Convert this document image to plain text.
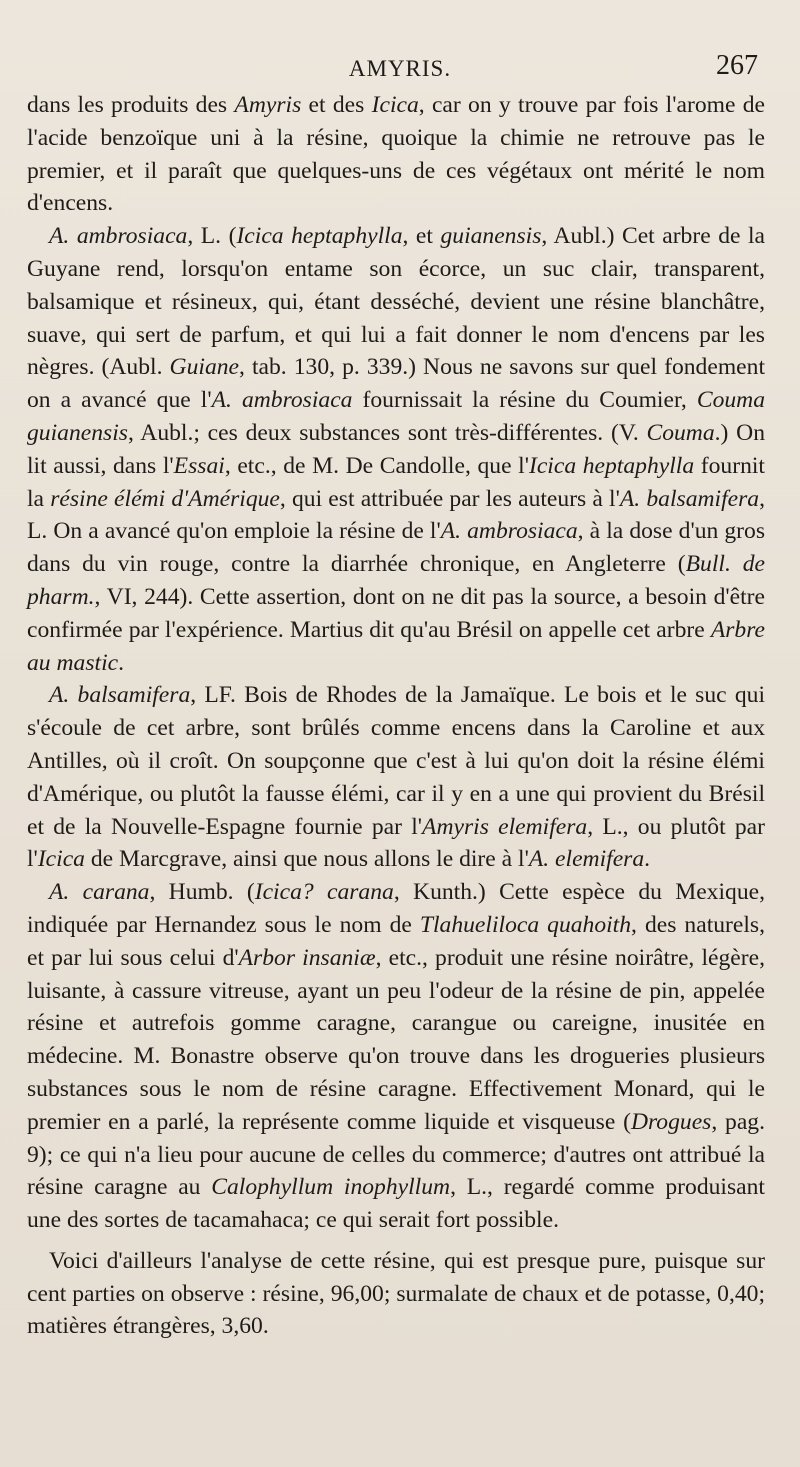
AMYRIS.	267

dans les produits des Amyris et des Icica, car on y trouve par fois l'arome de l'acide benzoïque uni à la résine, quoique la chimie ne retrouve pas le premier, et il paraît que quelques-uns de ces végétaux ont mérité le nom d'encens.

A. ambrosiaca, L. (Icica heptaphylla, et guianensis, Aubl.) Cet arbre de la Guyane rend, lorsqu'on entame son écorce, un suc clair, transparent, balsamique et résineux, qui, étant desséché, devient une résine blanchâtre, suave, qui sert de parfum, et qui lui a fait donner le nom d'encens par les nègres. (Aubl. Guiane, tab. 130, p. 339.) Nous ne savons sur quel fondement on a avancé que l'A. ambrosiaca fournissait la résine du Coumier, Couma guianensis, Aubl.; ces deux substances sont très-différentes. (V. Couma.) On lit aussi, dans l'Essai, etc., de M. De Candolle, que l'Icica heptaphylla fournit la résine élémi d'Amérique, qui est attribuée par les auteurs à l'A. balsamifera, L. On a avancé qu'on emploie la résine de l'A. ambrosiaca, à la dose d'un gros dans du vin rouge, contre la diarrhée chronique, en Angleterre (Bull. de pharm., VI, 244). Cette assertion, dont on ne dit pas la source, a besoin d'être confirmée par l'expérience. Martius dit qu'au Brésil on appelle cet arbre Arbre au mastic.

A. balsamifera, LF. Bois de Rhodes de la Jamaïque. Le bois et le suc qui s'écoule de cet arbre, sont brûlés comme encens dans la Caroline et aux Antilles, où il croît. On soupçonne que c'est à lui qu'on doit la résine élémi d'Amérique, ou plutôt la fausse élémi, car il y en a une qui provient du Brésil et de la Nouvelle-Espagne fournie par l'Amyris elemifera, L., ou plutôt par l'Icica de Marcgrave, ainsi que nous allons le dire à l'A. elemifera.

A. carana, Humb. (Icica? carana, Kunth.) Cette espèce du Mexique, indiquée par Hernandez sous le nom de Tlahueliloca quahoith, des naturels, et par lui sous celui d'Arbor insaniæ, etc., produit une résine noirâtre, légère, luisante, à cassure vitreuse, ayant un peu l'odeur de la résine de pin, appelée résine et autrefois gomme caragne, carangue ou careigne, inusitée en médecine. M. Bonastre observe qu'on trouve dans les drogueries plusieurs substances sous le nom de résine caragne. Effectivement Monard, qui le premier en a parlé, la représente comme liquide et visqueuse (Drogues, pag. 9); ce qui n'a lieu pour aucune de celles du commerce; d'autres ont attribué la résine caragne au Calophyllum inophyllum, L., regardé comme produisant une des sortes de tacamahaca; ce qui serait fort possible.

Voici d'ailleurs l'analyse de cette résine, qui est presque pure, puisque sur cent parties on observe : résine, 96,00; surmalate de chaux et de potasse, 0,40; matières étrangères, 3,60.
